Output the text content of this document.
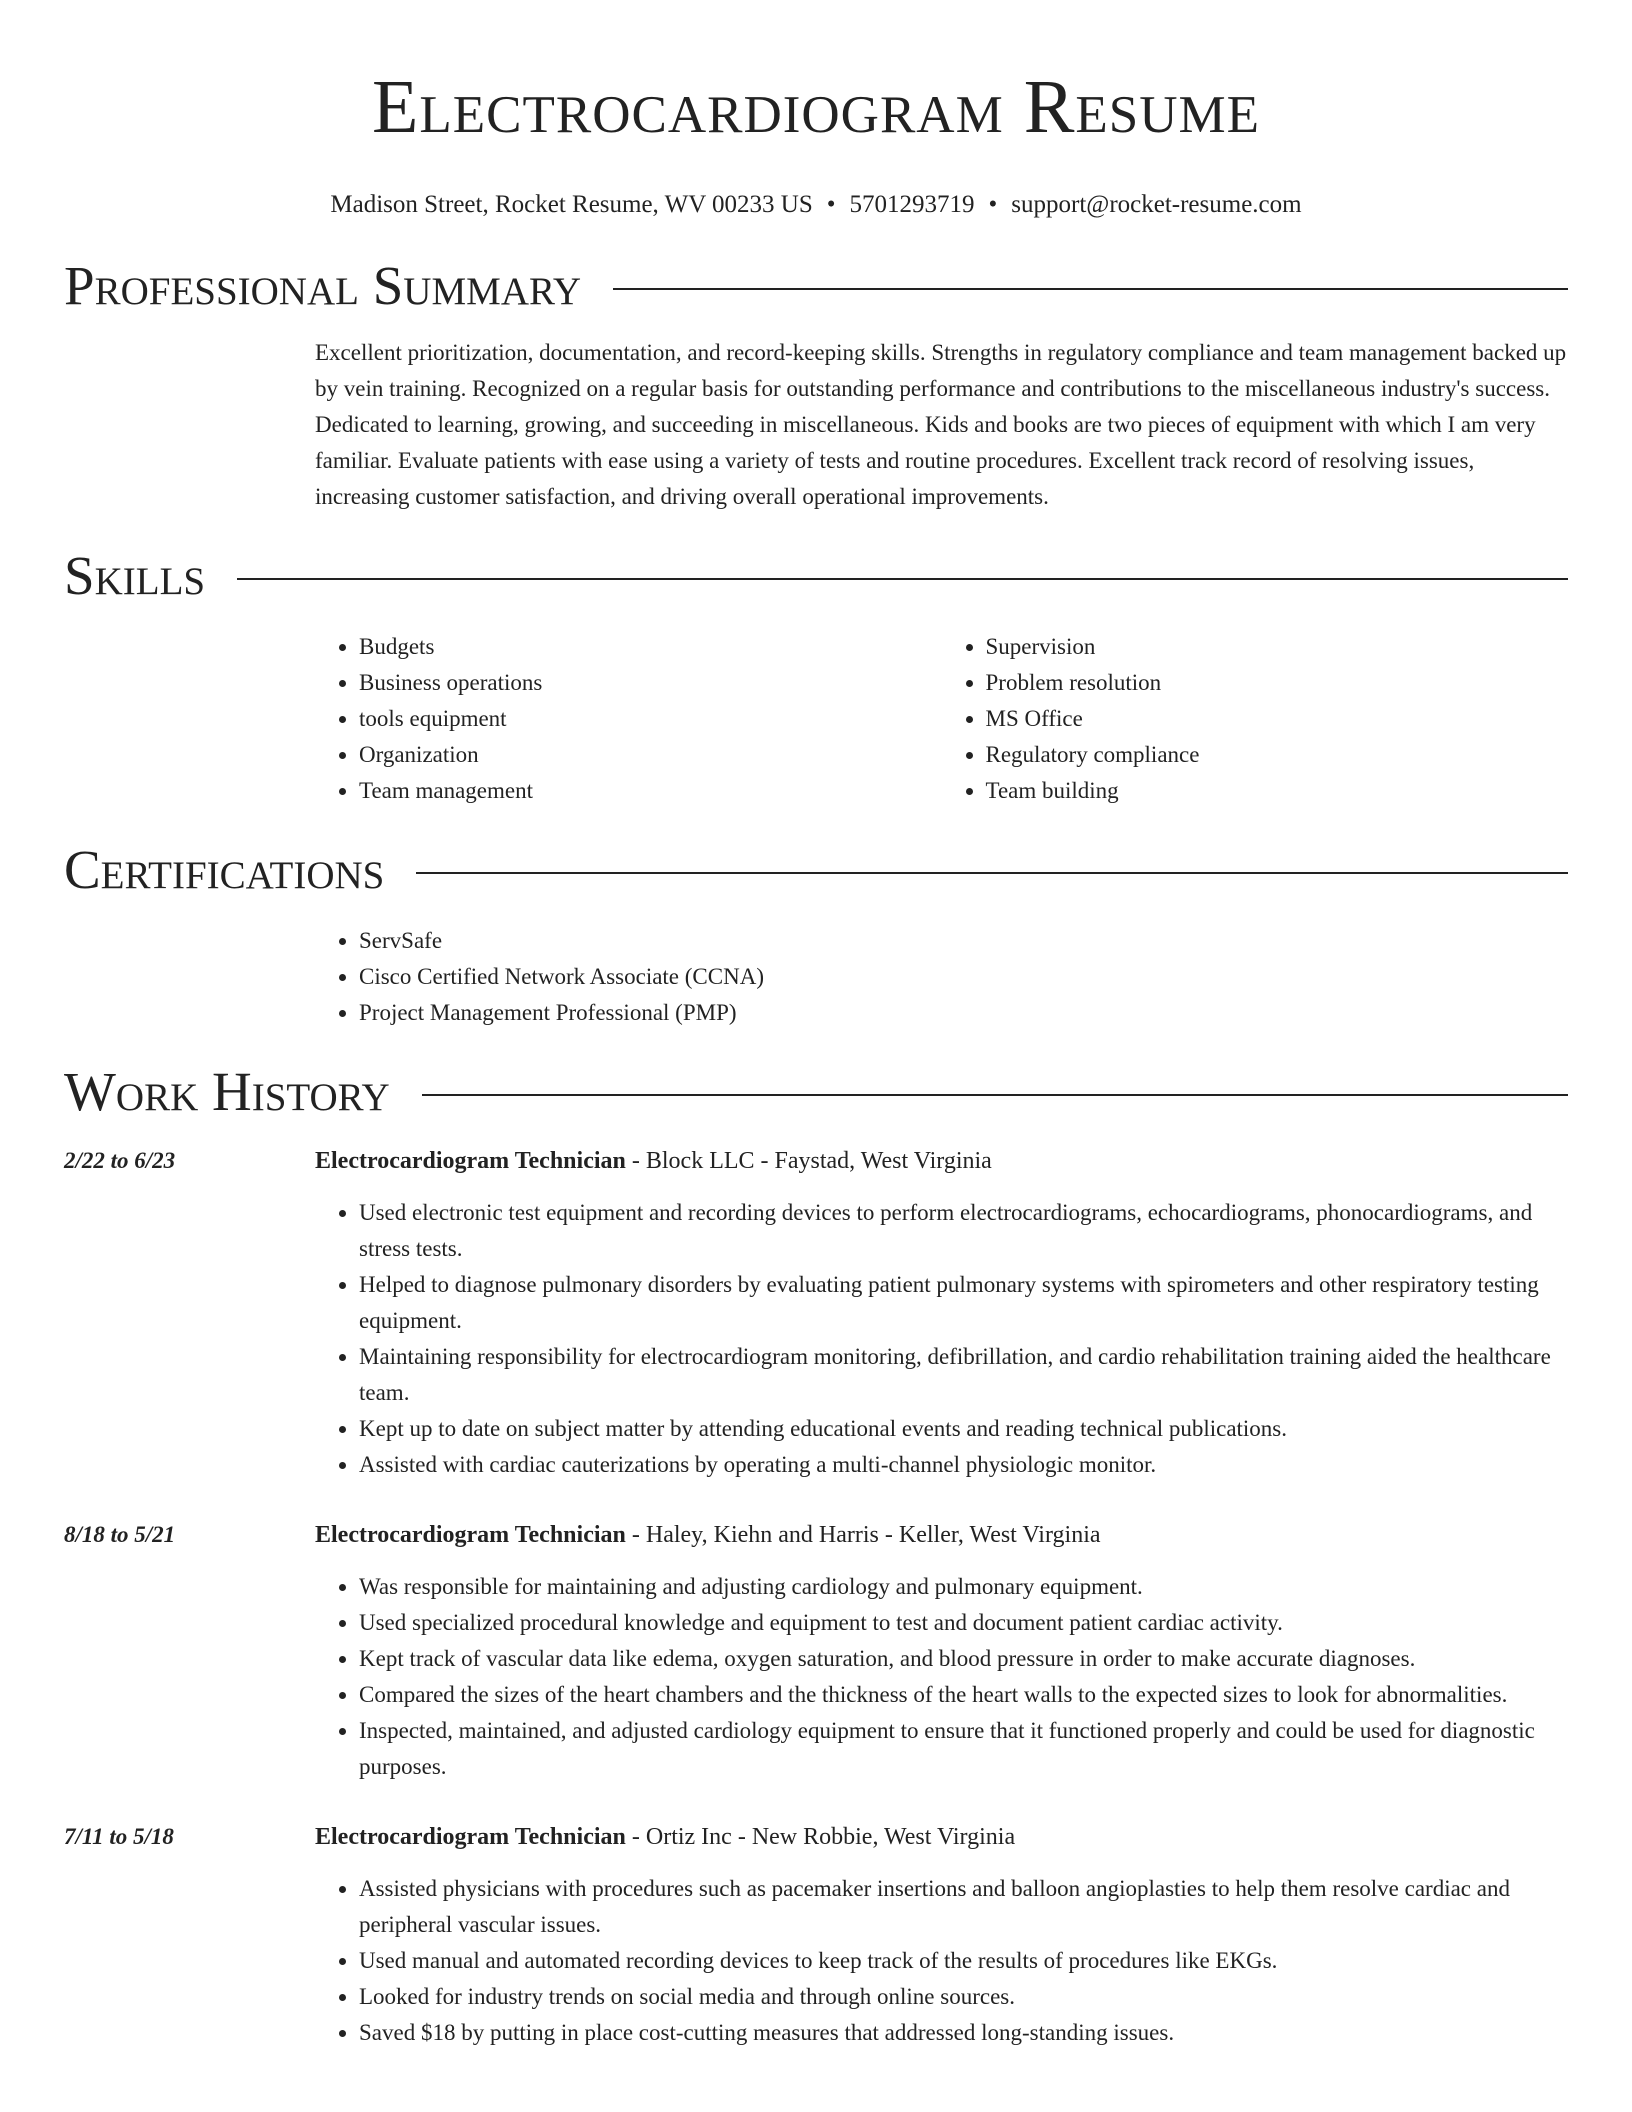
Electrocardiogram Resume
Madison Street, Rocket Resume, WV 00233 US • 5701293719 • support@rocket-resume.com
Professional Summary

Excellent prioritization, documentation, and record-keeping skills. Strengths in regulatory compliance and team management backed up by vein training. Recognized on a regular basis for outstanding performance and contributions to the miscellaneous industry's success. Dedicated to learning, growing, and succeeding in miscellaneous. Kids and books are two pieces of equipment with which I am very familiar. Evaluate patients with ease using a variety of tests and routine procedures. Excellent track record of resolving issues, increasing customer satisfaction, and driving overall operational improvements.

Skills
• Budgets
• Business operations
• tools equipment
• Organization
• Team management
• Supervision
• Problem resolution
• MS Office
• Regulatory compliance
• Team building
Certifications
• ServSafe
• Cisco Certified Network Associate (CCNA)
• Project Management Professional (PMP)
Work History
2/22 to 6/23	Electrocardiogram Technician - Block LLC - Faystad, West Virginia
• Used electronic test equipment and recording devices to perform electrocardiograms, echocardiograms, phonocardiograms, and stress tests.
• Helped to diagnose pulmonary disorders by evaluating patient pulmonary systems with spirometers and other respiratory testing equipment.
• Maintaining responsibility for electrocardiogram monitoring, defibrillation, and cardio rehabilitation training aided the healthcare team.
• Kept up to date on subject matter by attending educational events and reading technical publications.
• Assisted with cardiac cauterizations by operating a multi-channel physiologic monitor.
8/18 to 5/21	Electrocardiogram Technician - Haley, Kiehn and Harris - Keller, West Virginia
• Was responsible for maintaining and adjusting cardiology and pulmonary equipment.
• Used specialized procedural knowledge and equipment to test and document patient cardiac activity.
• Kept track of vascular data like edema, oxygen saturation, and blood pressure in order to make accurate diagnoses.
• Compared the sizes of the heart chambers and the thickness of the heart walls to the expected sizes to look for abnormalities.
• Inspected, maintained, and adjusted cardiology equipment to ensure that it functioned properly and could be used for diagnostic purposes.
7/11 to 5/18	Electrocardiogram Technician - Ortiz Inc - New Robbie, West Virginia
• Assisted physicians with procedures such as pacemaker insertions and balloon angioplasties to help them resolve cardiac and peripheral vascular issues.
• Used manual and automated recording devices to keep track of the results of procedures like EKGs.
• Looked for industry trends on social media and through online sources.
• Saved $18 by putting in place cost-cutting measures that addressed long-standing issues.
